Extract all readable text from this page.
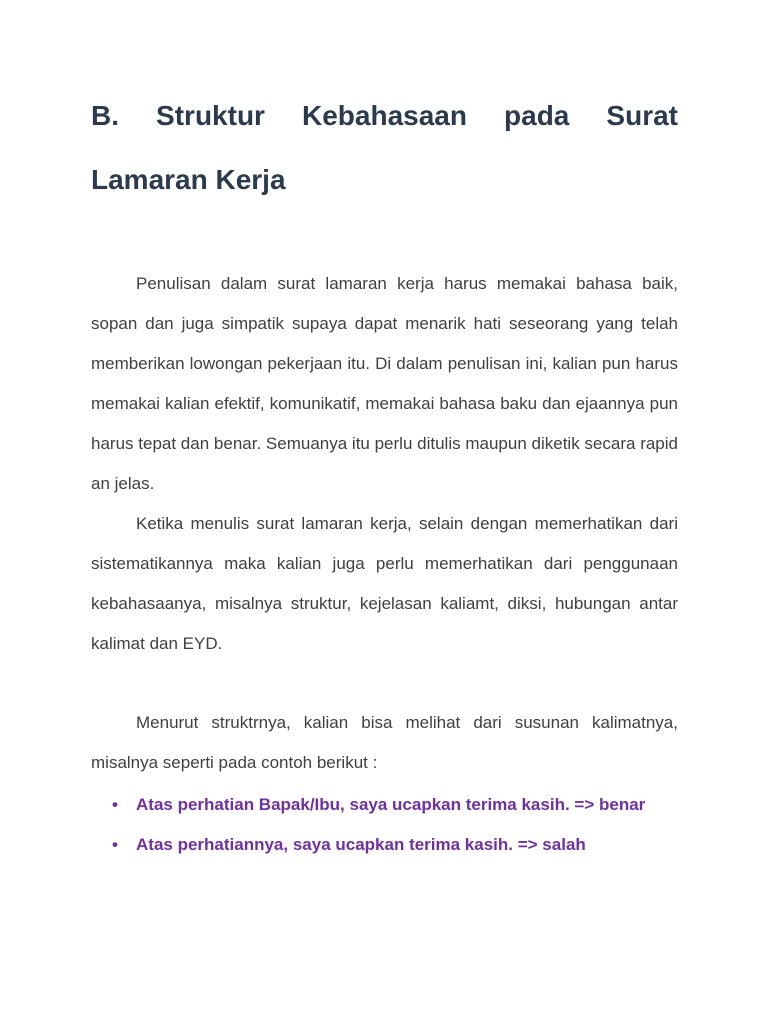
B. Struktur Kebahasaan pada Surat
Lamaran Kerja

Penulisan dalam surat lamaran kerja harus memakai bahasa baik, sopan dan juga simpatik supaya dapat menarik hati seseorang yang telah memberikan lowongan pekerjaan itu. Di dalam penulisan ini, kalian pun harus memakai kalian efektif, komunikatif, memakai bahasa baku dan ejaannya pun harus tepat dan benar. Semuanya itu perlu ditulis maupun diketik secara rapid an jelas.

Ketika menulis surat lamaran kerja, selain dengan memerhatikan dari sistematikannya maka kalian juga perlu memerhatikan dari penggunaan kebahasaanya, misalnya struktur, kejelasan kaliamt, diksi, hubungan antar kalimat dan EYD.

Menurut struktrnya, kalian bisa melihat dari susunan kalimatnya, misalnya seperti pada contoh berikut :

• Atas perhatian Bapak/Ibu, saya ucapkan terima kasih. => benar
• Atas perhatiannya, saya ucapkan terima kasih. => salah
